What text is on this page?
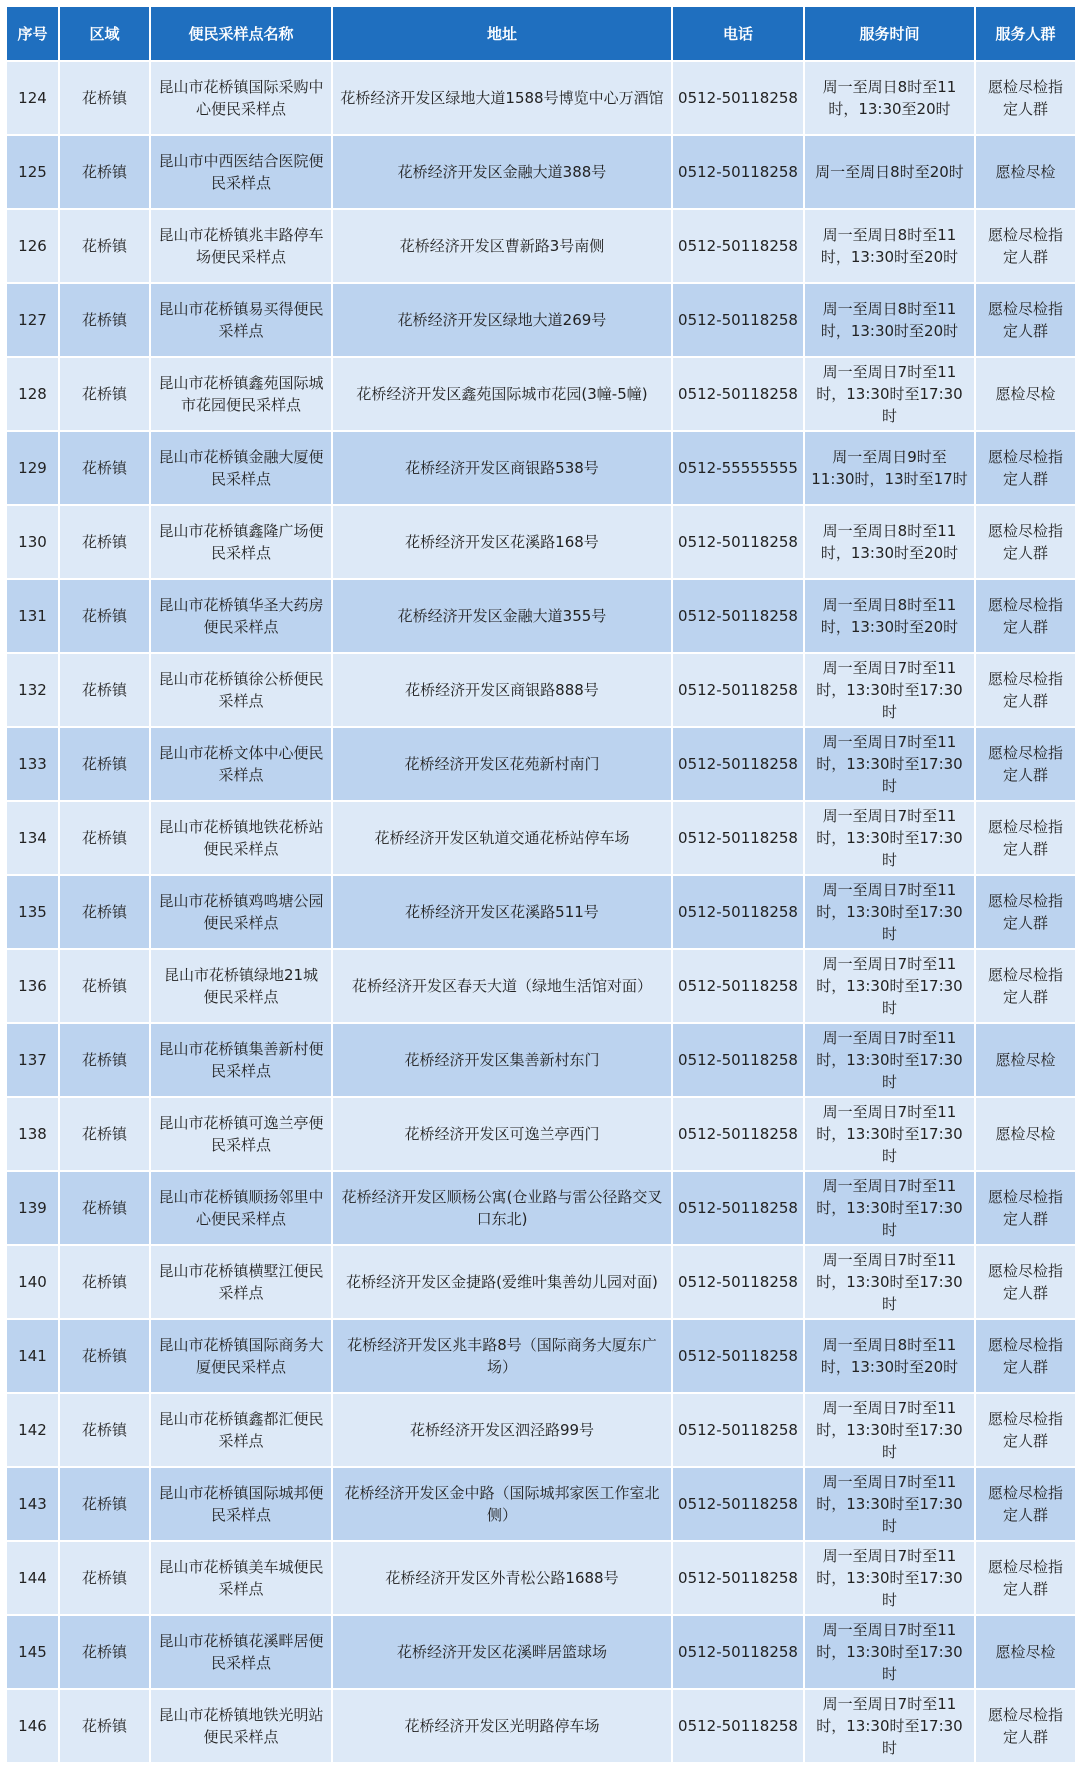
序号	区域	便民采样点名称	地址	电话	服务时间	服务人群
124	花桥镇	昆山市花桥镇国际采购中心便民采样点	花桥经济开发区绿地大道1588号博览中心万酒馆	0512-50118258	周一至周日8时至11时，13:30至20时	愿检尽检指定人群
125	花桥镇	昆山市中西医结合医院便民采样点	花桥经济开发区金融大道388号	0512-50118258	周一至周日8时至20时	愿检尽检
126	花桥镇	昆山市花桥镇兆丰路停车场便民采样点	花桥经济开发区曹新路3号南侧	0512-50118258	周一至周日8时至11时，13:30时至20时	愿检尽检指定人群
127	花桥镇	昆山市花桥镇易买得便民采样点	花桥经济开发区绿地大道269号	0512-50118258	周一至周日8时至11时，13:30时至20时	愿检尽检指定人群
128	花桥镇	昆山市花桥镇鑫苑国际城市花园便民采样点	花桥经济开发区鑫苑国际城市花园(3幢-5幢)	0512-50118258	周一至周日7时至11时，13:30时至17:30时	愿检尽检
129	花桥镇	昆山市花桥镇金融大厦便民采样点	花桥经济开发区商银路538号	0512-55555555	周一至周日9时至11:30时，13时至17时	愿检尽检指定人群
130	花桥镇	昆山市花桥镇鑫隆广场便民采样点	花桥经济开发区花溪路168号	0512-50118258	周一至周日8时至11时，13:30时至20时	愿检尽检指定人群
131	花桥镇	昆山市花桥镇华圣大药房便民采样点	花桥经济开发区金融大道355号	0512-50118258	周一至周日8时至11时，13:30时至20时	愿检尽检指定人群
132	花桥镇	昆山市花桥镇徐公桥便民采样点	花桥经济开发区商银路888号	0512-50118258	周一至周日7时至11时，13:30时至17:30时	愿检尽检指定人群
133	花桥镇	昆山市花桥文体中心便民采样点	花桥经济开发区花苑新村南门	0512-50118258	周一至周日7时至11时，13:30时至17:30时	愿检尽检指定人群
134	花桥镇	昆山市花桥镇地铁花桥站便民采样点	花桥经济开发区轨道交通花桥站停车场	0512-50118258	周一至周日7时至11时，13:30时至17:30时	愿检尽检指定人群
135	花桥镇	昆山市花桥镇鸡鸣塘公园便民采样点	花桥经济开发区花溪路511号	0512-50118258	周一至周日7时至11时，13:30时至17:30时	愿检尽检指定人群
136	花桥镇	昆山市花桥镇绿地21城便民采样点	花桥经济开发区春天大道（绿地生活馆对面）	0512-50118258	周一至周日7时至11时，13:30时至17:30时	愿检尽检指定人群
137	花桥镇	昆山市花桥镇集善新村便民采样点	花桥经济开发区集善新村东门	0512-50118258	周一至周日7时至11时，13:30时至17:30时	愿检尽检
138	花桥镇	昆山市花桥镇可逸兰亭便民采样点	花桥经济开发区可逸兰亭西门	0512-50118258	周一至周日7时至11时，13:30时至17:30时	愿检尽检
139	花桥镇	昆山市花桥镇顺扬邻里中心便民采样点	花桥经济开发区顺杨公寓(仓业路与雷公径路交叉口东北)	0512-50118258	周一至周日7时至11时，13:30时至17:30时	愿检尽检指定人群
140	花桥镇	昆山市花桥镇横墅江便民采样点	花桥经济开发区金捷路(爱维叶集善幼儿园对面)	0512-50118258	周一至周日7时至11时，13:30时至17:30时	愿检尽检指定人群
141	花桥镇	昆山市花桥镇国际商务大厦便民采样点	花桥经济开发区兆丰路8号（国际商务大厦东广场）	0512-50118258	周一至周日8时至11时，13:30时至20时	愿检尽检指定人群
142	花桥镇	昆山市花桥镇鑫都汇便民采样点	花桥经济开发区泗泾路99号	0512-50118258	周一至周日7时至11时，13:30时至17:30时	愿检尽检指定人群
143	花桥镇	昆山市花桥镇国际城邦便民采样点	花桥经济开发区金中路（国际城邦家医工作室北侧）	0512-50118258	周一至周日7时至11时，13:30时至17:30时	愿检尽检指定人群
144	花桥镇	昆山市花桥镇美车城便民采样点	花桥经济开发区外青松公路1688号	0512-50118258	周一至周日7时至11时，13:30时至17:30时	愿检尽检指定人群
145	花桥镇	昆山市花桥镇花溪畔居便民采样点	花桥经济开发区花溪畔居篮球场	0512-50118258	周一至周日7时至11时，13:30时至17:30时	愿检尽检
146	花桥镇	昆山市花桥镇地铁光明站便民采样点	花桥经济开发区光明路停车场	0512-50118258	周一至周日7时至11时，13:30时至17:30时	愿检尽检指定人群
